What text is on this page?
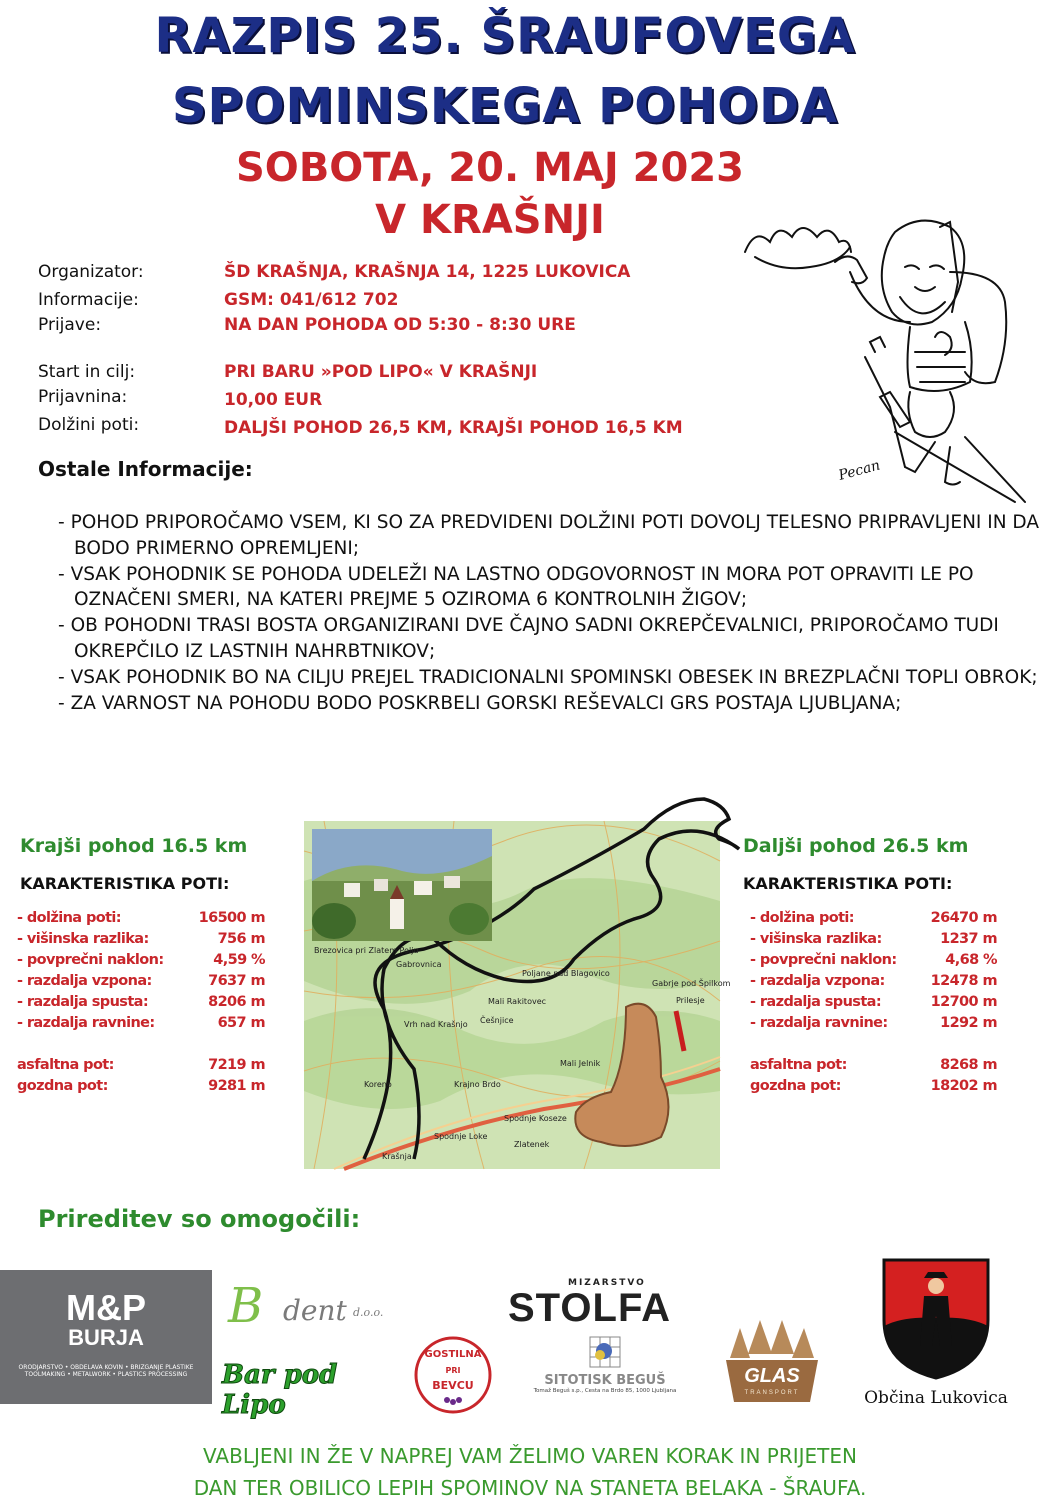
RAZPIS 25. ŠRAUFOVEGA
SPOMINSKEGA POHODA
SOBOTA, 20. MAJ 2023
V KRAŠNJI
Pecan
Organizator:	ŠD KRAŠNJA, KRAŠNJA 14, 1225 LUKOVICA
Informacije:	GSM: 041/612 702
Prijave:	NA DAN POHODA OD 5:30 - 8:30 URE
Start in cilj:	PRI BARU »POD LIPO« V KRAŠNJI
Prijavnina:	10,00 EUR
Dolžini poti:	DALJŠI POHOD 26,5 KM, KRAJŠI POHOD 16,5 KM
Ostale Informacije:
- POHOD PRIPOROČAMO VSEM, KI SO ZA PREDVIDENI DOLŽINI POTI DOVOLJ TELESNO PRIPRAVLJENI IN DA BODO PRIMERNO OPREMLJENI;
- VSAK POHODNIK SE POHODA UDELEŽI NA LASTNO ODGOVORNOST IN MORA POT OPRAVITI LE PO OZNAČENI SMERI, NA KATERI PREJME 5 OZIROMA 6 KONTROLNIH ŽIGOV;
- OB POHODNI TRASI BOSTA ORGANIZIRANI DVE ČAJNO SADNI OKREPČEVALNICI, PRIPOROČAMO TUDI OKREPČILO IZ LASTNIH NAHRBTNIKOV;
- VSAK POHODNIK BO NA CILJU PREJEL TRADICIONALNI SPOMINSKI OBESEK IN BREZPLAČNI TOPLI OBROK;
- ZA VARNOST NA POHODU BODO POSKRBELI GORSKI REŠEVALCI GRS POSTAJA LJUBLJANA;
Krajši pohod 16.5 km
KARAKTERISTIKA POTI:
- dolžina poti:	16500 m
- višinska razlika:	756 m
- povprečni naklon:	4,59 %
- razdalja vzpona:	7637 m
- razdalja spusta:	8206 m
- razdalja ravnine:	657 m

asfaltna pot:	7219 m
gozdna pot:	9281 m
Daljši pohod 26.5 km
KARAKTERISTIKA POTI:
- dolžina poti:	26470 m
- višinska razlika:	1237 m
- povprečni naklon:	4,68 %
- razdalja vzpona:	12478 m
- razdalja spusta:	12700 m
- razdalja ravnine:	1292 m

asfaltna pot:	8268 m
gozdna pot:	18202 m
Mali Rakitovec
Poljane nad Blagovico
Gabrje pod Špilkom
Prilesje
Češnjice
Gabrovnica
Brezovica pri Zlatem Polju
Vrh nad Krašnjo
Koreno	Krajno Brdo
Mali Jelnik
Spodnje Koseze
Spodnje Loke
Krašnja
Zlatenek
Prireditev so omogočili:
M&P
BURJA
ORODJARSTVO • OBDELAVA KOVIN • BRIZGANJE PLASTIKE
TOOLMAKING • METALWORK • PLASTICS PROCESSING
B dent d.o.o.
Bar pod Lipo
GOSTILNA
PRI
BEVCU
MIZARSTVO
STOLFA
SITOTISK BEGUŠ
Tomaž Beguš s.p., Cesta na Brdo 85, 1000 Ljubljana
GLAS
TRANSPORT	Občina Lukovica
VABLJENI IN ŽE V NAPREJ VAM ŽELIMO VAREN KORAK IN PRIJETEN
DAN TER OBILICO LEPIH SPOMINOV NA STANETA BELAKA - ŠRAUFA.
